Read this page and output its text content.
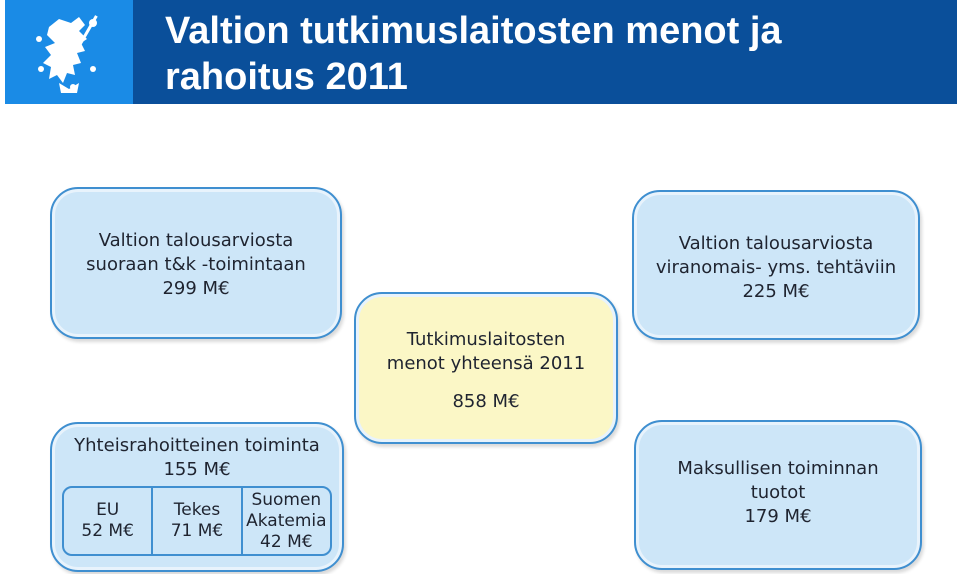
Valtion tutkimuslaitosten menot ja
rahoitus 2011
Valtion talousarviosta
suoraan t&k -toimintaan
299 M€
Valtion talousarviosta
viranomais- yms. tehtäviin
225 M€
Tutkimuslaitosten
menot yhteensä 2011
858 M€
Yhteisrahoitteinen toiminta
155 M€
EU
52 M€
Tekes
71 M€
Suomen
Akatemia
42 M€
Maksullisen toiminnan
tuotot
179 M€
